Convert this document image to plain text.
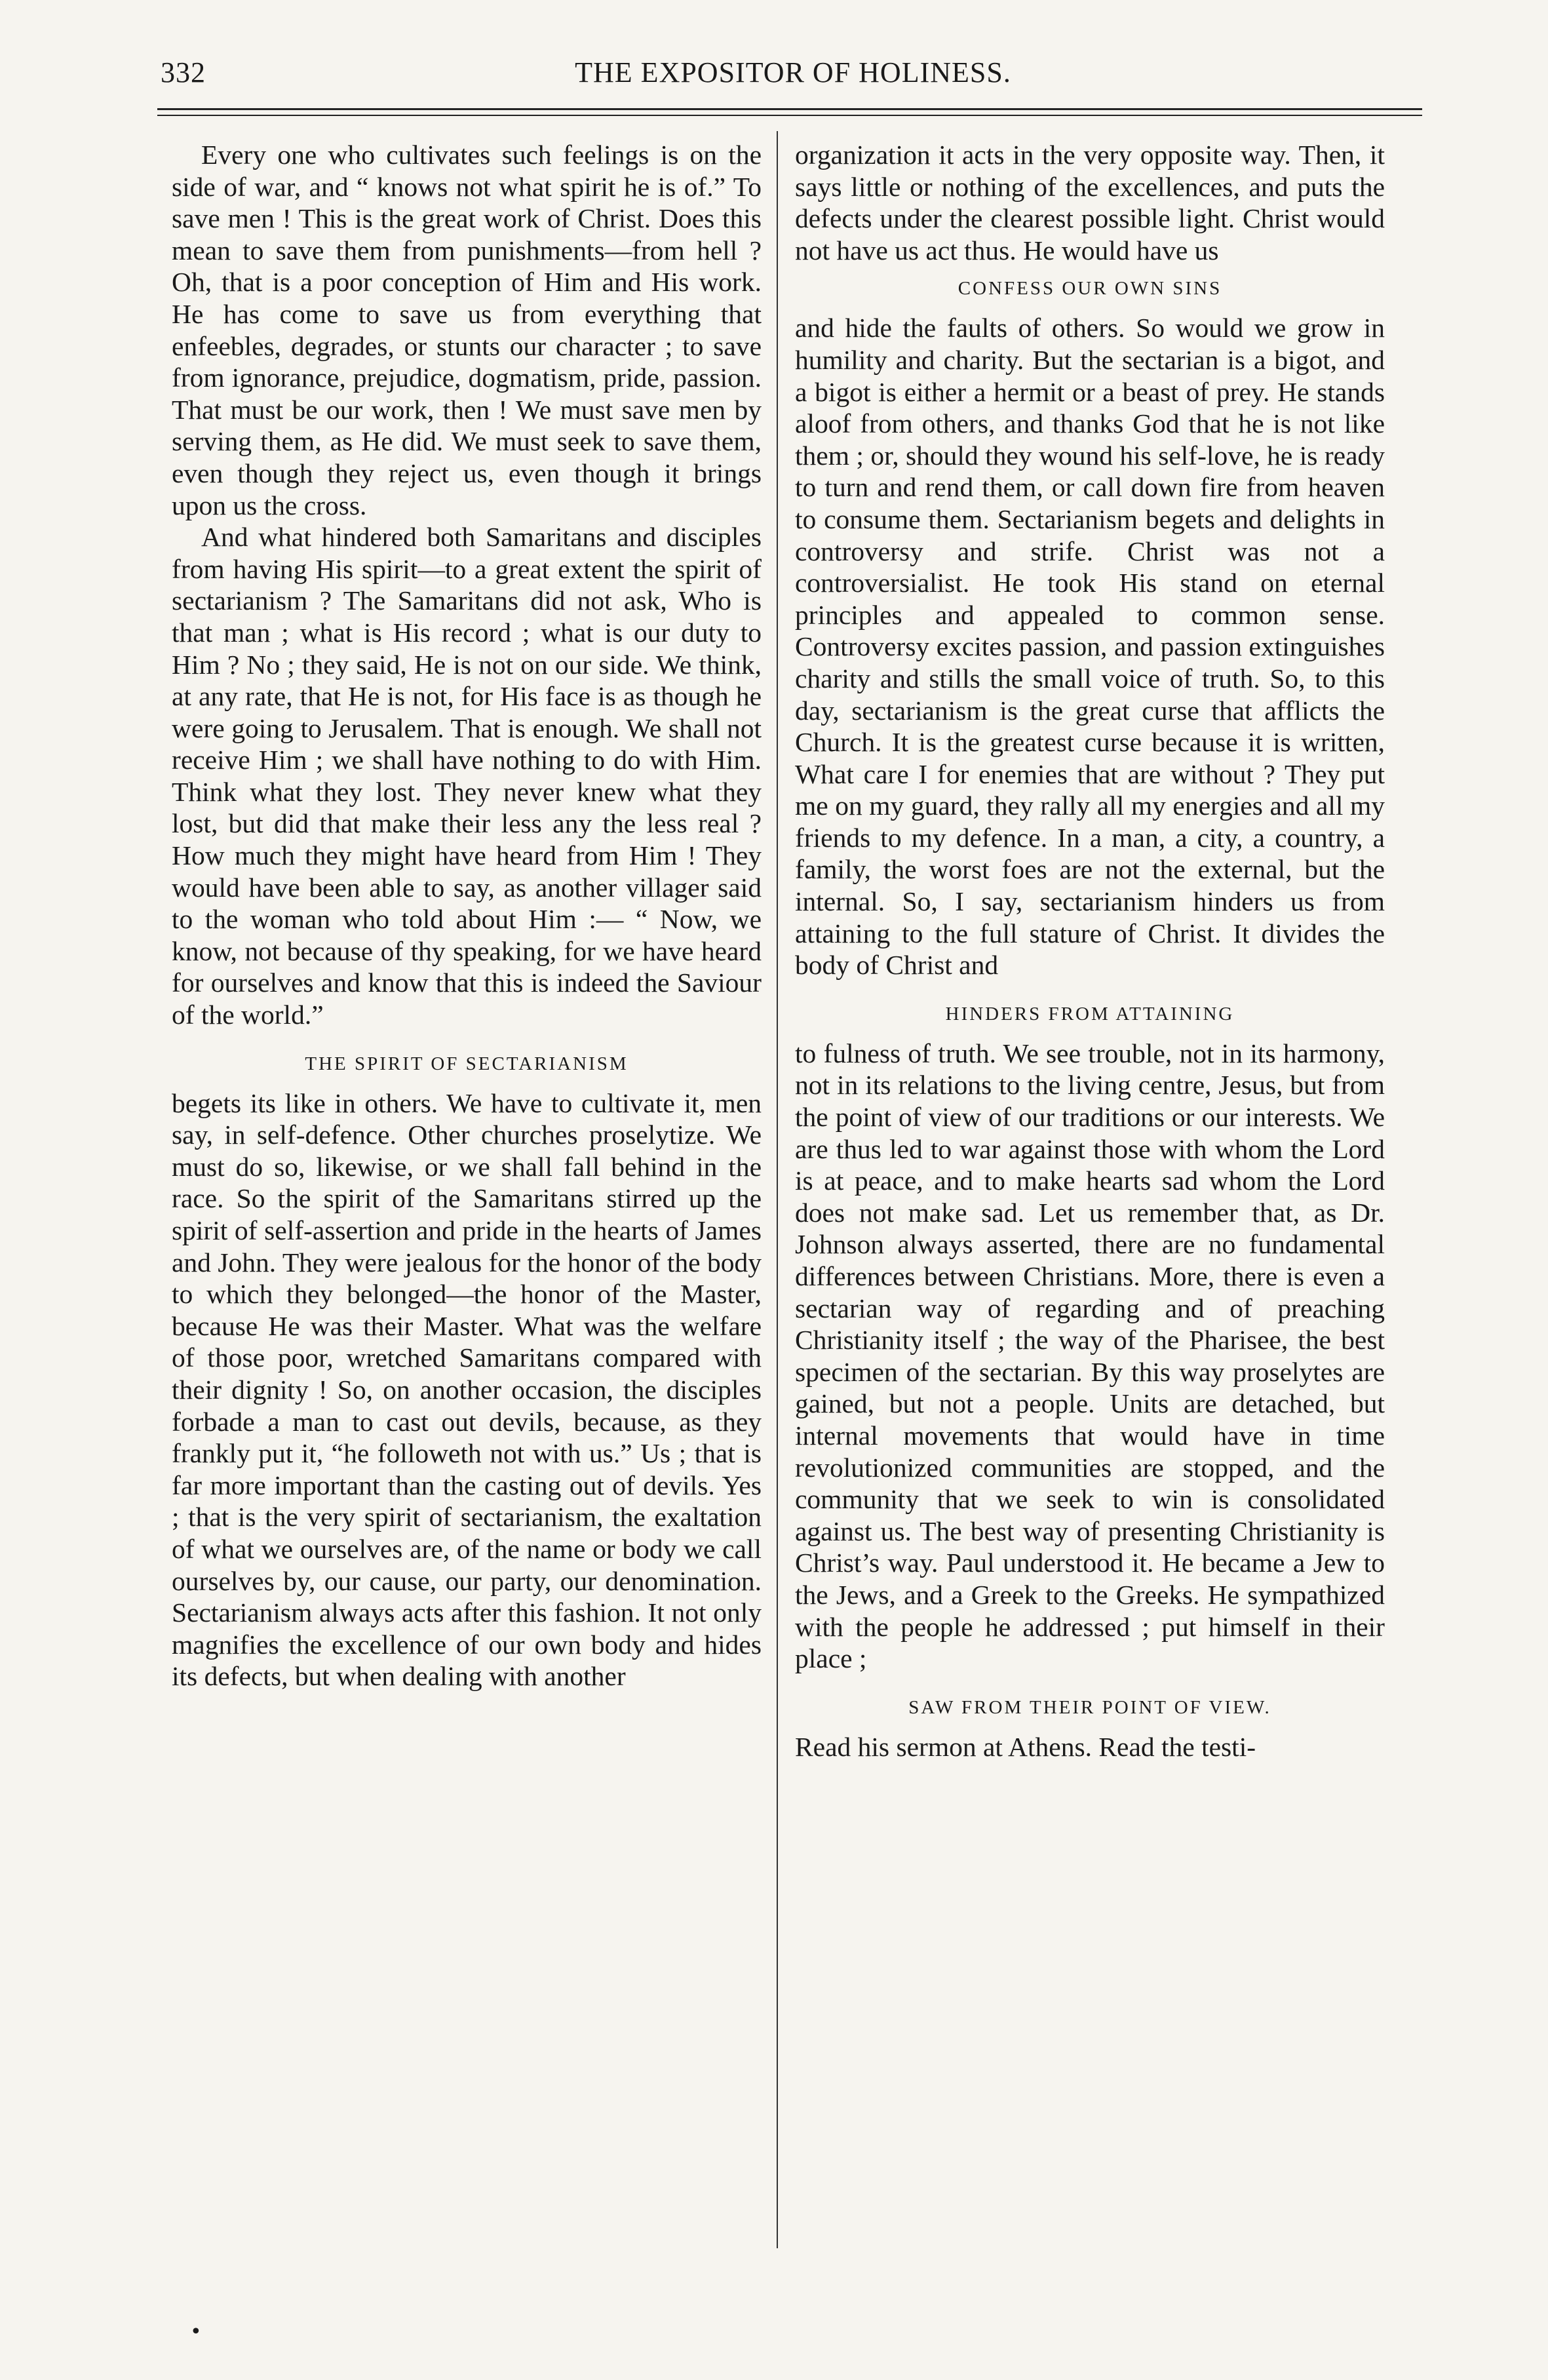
332	THE EXPOSITOR OF HOLINESS.

Every one who cultivates such feelings is on the side of war, and “ knows not what spirit he is of.” To save men ! This is the great work of Christ. Does this mean to save them from punishments—from hell ? Oh, that is a poor conception of Him and His work. He has come to save us from everything that enfeebles, degrades, or stunts our character ; to save from ignorance, prejudice, dogmatism, pride, passion. That must be our work, then ! We must save men by serving them, as He did. We must seek to save them, even though they reject us, even though it brings upon us the cross.

And what hindered both Samaritans and disciples from having His spirit—to a great extent the spirit of sectarianism ? The Samaritans did not ask, Who is that man ; what is His record ; what is our duty to Him ? No ; they said, He is not on our side. We think, at any rate, that He is not, for His face is as though he were going to Jerusalem. That is enough. We shall not receive Him ; we shall have nothing to do with Him. Think what they lost. They never knew what they lost, but did that make their less any the less real ? How much they might have heard from Him ! They would have been able to say, as another villager said to the woman who told about Him :— “ Now, we know, not because of thy speaking, for we have heard for ourselves and know that this is indeed the Saviour of the world.”

THE SPIRIT OF SECTARIANISM

begets its like in others. We have to cultivate it, men say, in self-defence. Other churches proselytize. We must do so, likewise, or we shall fall behind in the race. So the spirit of the Samaritans stirred up the spirit of self-assertion and pride in the hearts of James and John. They were jealous for the honor of the body to which they belonged—the honor of the Master, because He was their Master. What was the welfare of those poor, wretched Samaritans compared with their dignity ! So, on another occasion, the disciples forbade a man to cast out devils, because, as they frankly put it, “he followeth not with us.” Us ; that is far more important than the casting out of devils. Yes ; that is the very spirit of sectarianism, the exaltation of what we ourselves are, of the name or body we call ourselves by, our cause, our party, our denomination. Sectarianism always acts after this fashion. It not only magnifies the excellence of our own body and hides its defects, but when dealing with another

organization it acts in the very opposite way. Then, it says little or nothing of the excellences, and puts the defects under the clearest possible light. Christ would not have us act thus. He would have us

CONFESS OUR OWN SINS

and hide the faults of others. So would we grow in humility and charity. But the sectarian is a bigot, and a bigot is either a hermit or a beast of prey. He stands aloof from others, and thanks God that he is not like them ; or, should they wound his self-love, he is ready to turn and rend them, or call down fire from heaven to consume them. Sectarianism begets and delights in controversy and strife. Christ was not a controversialist. He took His stand on eternal principles and appealed to common sense. Controversy excites passion, and passion extinguishes charity and stills the small voice of truth. So, to this day, sectarianism is the great curse that afflicts the Church. It is the greatest curse because it is written, What care I for enemies that are without ? They put me on my guard, they rally all my energies and all my friends to my defence. In a man, a city, a country, a family, the worst foes are not the external, but the internal. So, I say, sectarianism hinders us from attaining to the full stature of Christ. It divides the body of Christ and

HINDERS FROM ATTAINING

to fulness of truth. We see trouble, not in its harmony, not in its relations to the living centre, Jesus, but from the point of view of our traditions or our interests. We are thus led to war against those with whom the Lord is at peace, and to make hearts sad whom the Lord does not make sad. Let us remember that, as Dr. Johnson always asserted, there are no fundamental differences between Christians. More, there is even a sectarian way of regarding and of preaching Christianity itself ; the way of the Pharisee, the best specimen of the sectarian. By this way proselytes are gained, but not a people. Units are detached, but internal movements that would have in time revolutionized communities are stopped, and the community that we seek to win is consolidated against us. The best way of presenting Christianity is Christ’s way. Paul understood it. He became a Jew to the Jews, and a Greek to the Greeks. He sympathized with the people he addressed ; put himself in their place ;

SAW FROM THEIR POINT OF VIEW.

Read his sermon at Athens. Read the testi-

•
